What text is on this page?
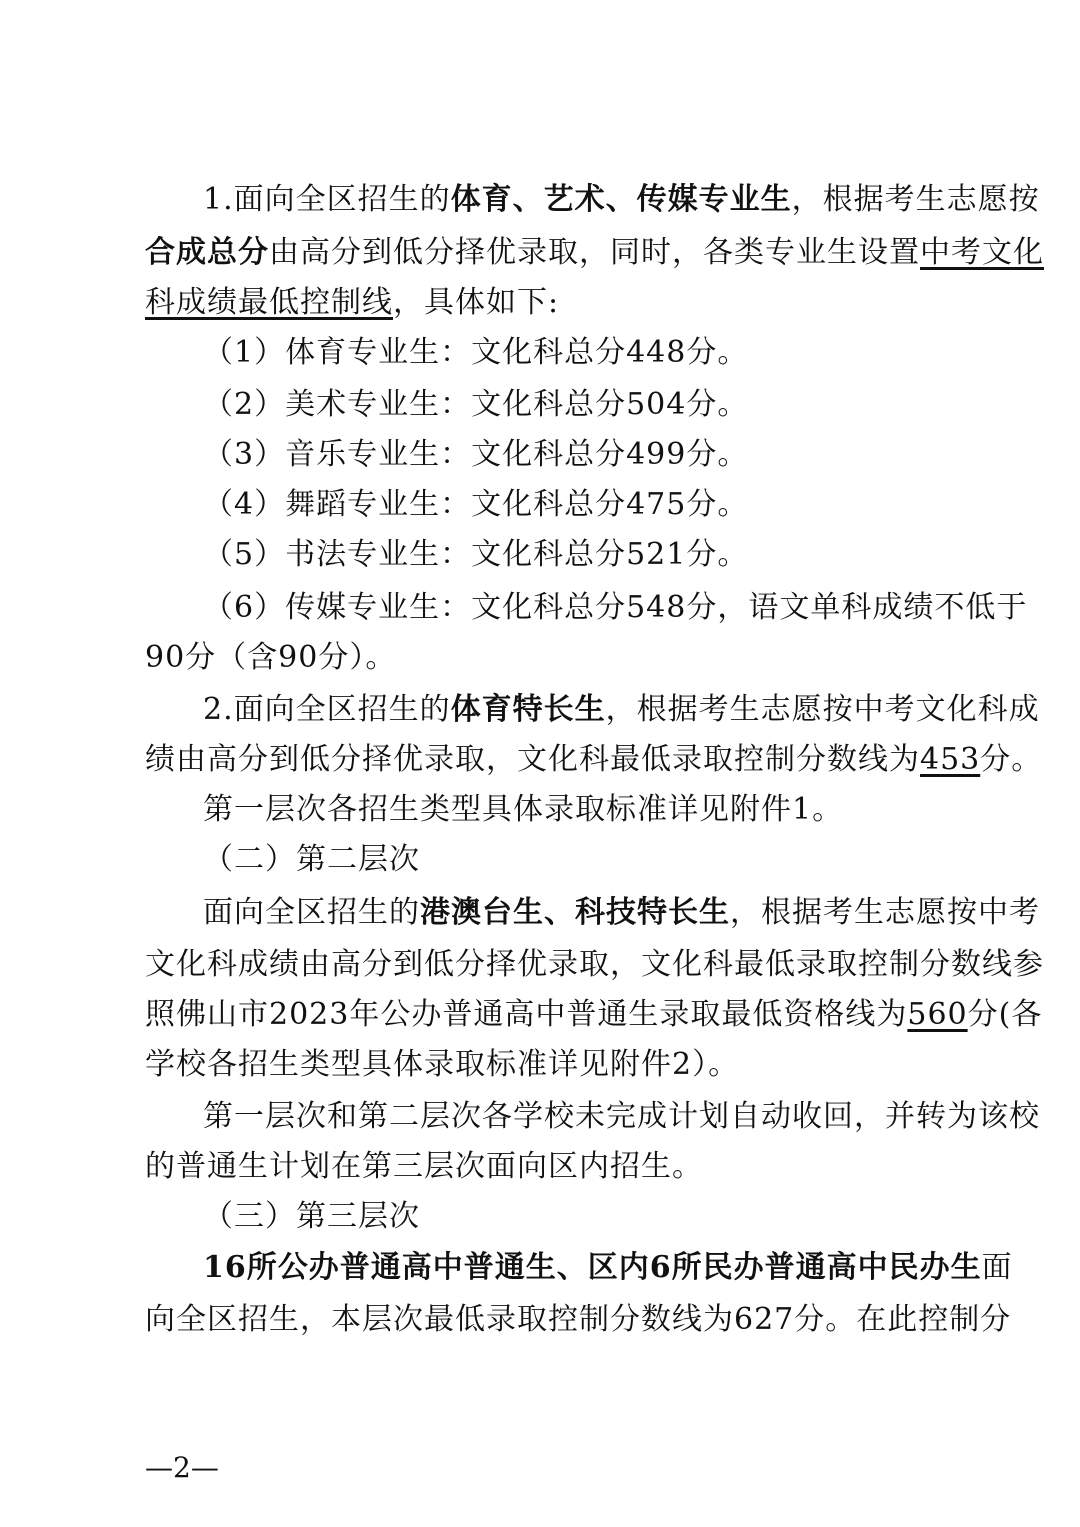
1.面向全区招生的体育、艺术、传媒专业生，根据考生志愿按
合成总分由高分到低分择优录取，同时，各类专业生设置中考文化
科成绩最低控制线，具体如下:
（1）体育专业生：文化科总分448分。
（2）美术专业生：文化科总分504分。
（3）音乐专业生：文化科总分499分。
（4）舞蹈专业生：文化科总分475分。
（5）书法专业生：文化科总分521分。
（6）传媒专业生：文化科总分548分，语文单科成绩不低于
90分（含90分）。
2.面向全区招生的体育特长生，根据考生志愿按中考文化科成
绩由高分到低分择优录取，文化科最低录取控制分数线为453分。
第一层次各招生类型具体录取标准详见附件1。
（二）第二层次
面向全区招生的港澳台生、科技特长生，根据考生志愿按中考
文化科成绩由高分到低分择优录取，文化科最低录取控制分数线参
照佛山市2023年公办普通高中普通生录取最低资格线为560分(各
学校各招生类型具体录取标准详见附件2）。
第一层次和第二层次各学校未完成计划自动收回，并转为该校
的普通生计划在第三层次面向区内招生。
（三）第三层次
16所公办普通高中普通生、区内6所民办普通高中民办生面
向全区招生，本层次最低录取控制分数线为627分。在此控制分
—2—
